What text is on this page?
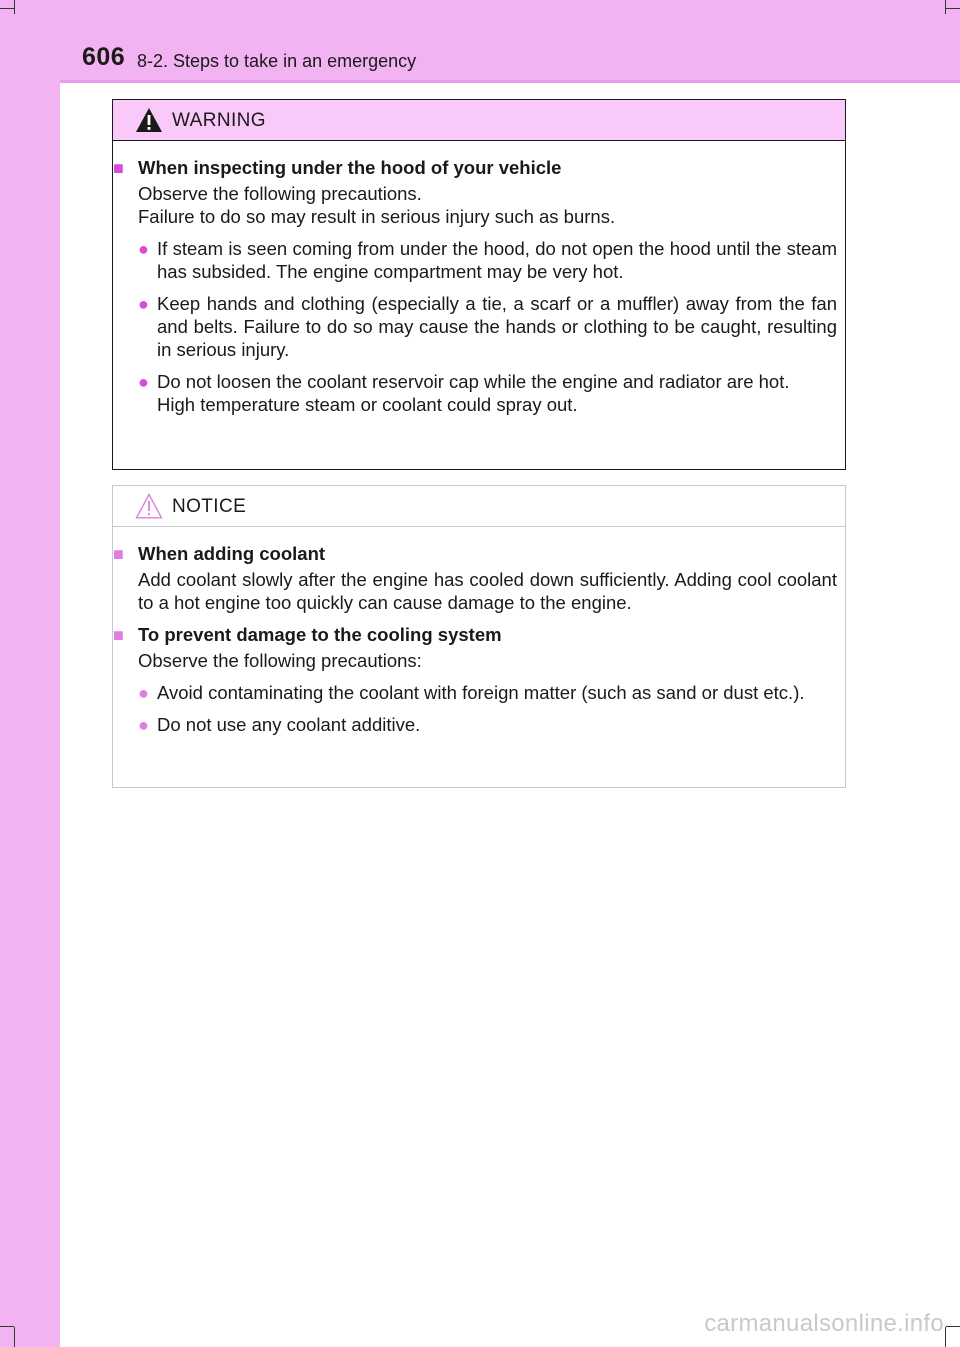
606 8-2. Steps to take in an emergency
WARNING
■ When inspecting under the hood of your vehicle
Observe the following precautions.
Failure to do so may result in serious injury such as burns.
● If steam is seen coming from under the hood, do not open the hood until the steam has subsided. The engine compartment may be very hot.
● Keep hands and clothing (especially a tie, a scarf or a muffler) away from the fan and belts. Failure to do so may cause the hands or clothing to be caught, resulting in serious injury.
● Do not loosen the coolant reservoir cap while the engine and radiator are hot.
High temperature steam or coolant could spray out.
NOTICE
■ When adding coolant
Add coolant slowly after the engine has cooled down sufficiently. Adding cool coolant to a hot engine too quickly can cause damage to the engine.
■ To prevent damage to the cooling system
Observe the following precautions:
● Avoid contaminating the coolant with foreign matter (such as sand or dust etc.).
● Do not use any coolant additive.
carmanualsonline.info
